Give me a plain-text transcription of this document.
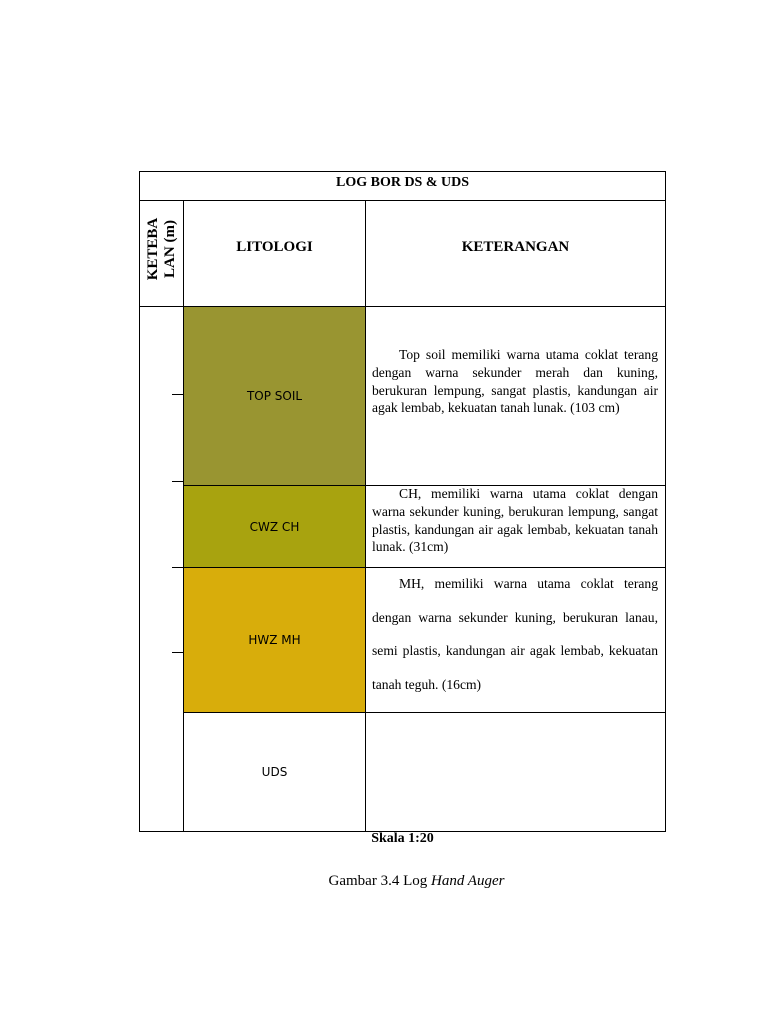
LOG BOR DS & UDS
KETEBA LAN (m)	LITOLOGI	KETERANGAN
TOP SOIL
CWZ CH
HWZ MH
UDS

Top soil memiliki warna utama coklat terang dengan warna sekunder merah dan kuning, berukuran lempung, sangat plastis, kandungan air agak lembab, kekuatan tanah lunak. (103 cm)

CH, memiliki warna utama coklat dengan warna sekunder kuning, berukuran lempung, sangat plastis, kandungan air agak lembab, kekuatan tanah lunak. (31cm)

MH, memiliki warna utama coklat terang dengan warna sekunder kuning, berukuran lanau, semi plastis, kandungan air agak lembab, kekuatan tanah teguh. (16cm)

Skala 1:20
Gambar 3.4 Log Hand Auger
